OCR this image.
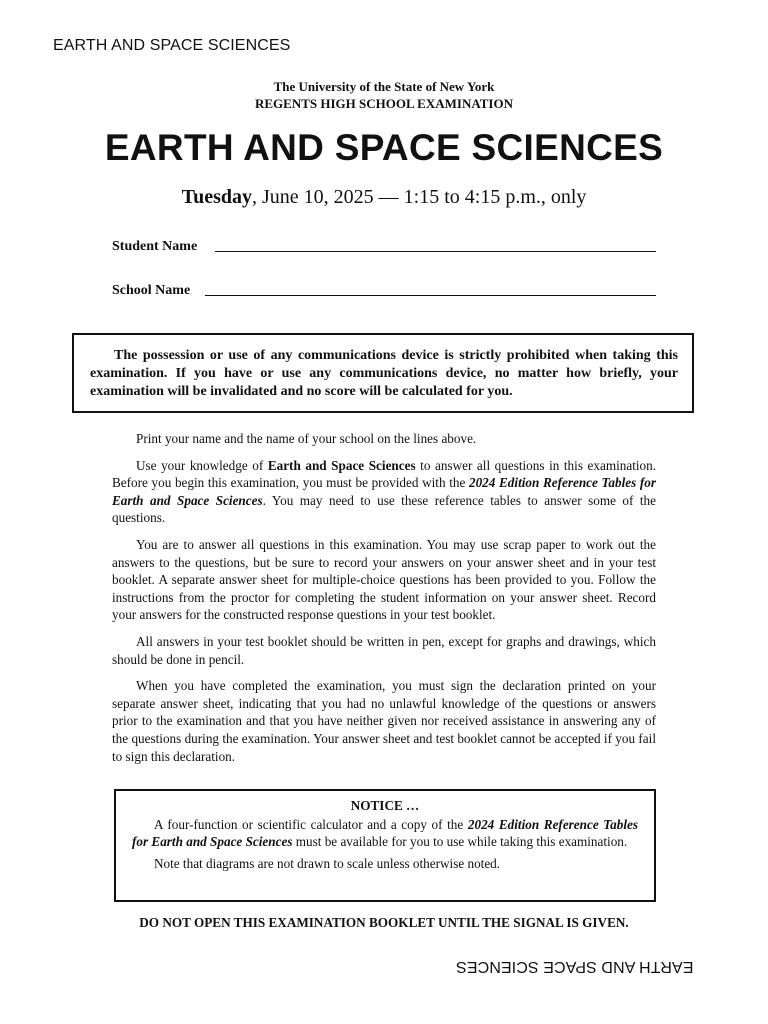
EARTH AND SPACE SCIENCES
The University of the State of New York
REGENTS HIGH SCHOOL EXAMINATION
EARTH AND SPACE SCIENCES
Tuesday, June 10, 2025 — 1:15 to 4:15 p.m., only
Student Name
School Name
The possession or use of any communications device is strictly prohibited when taking this examination. If you have or use any communications device, no matter how briefly, your examination will be invalidated and no score will be calculated for you.

Print your name and the name of your school on the lines above.

Use your knowledge of Earth and Space Sciences to answer all questions in this examination. Before you begin this examination, you must be provided with the 2024 Edition Reference Tables for Earth and Space Sciences. You may need to use these reference tables to answer some of the questions.

You are to answer all questions in this examination. You may use scrap paper to work out the answers to the questions, but be sure to record your answers on your answer sheet and in your test booklet. A separate answer sheet for multiple-choice questions has been provided to you. Follow the instructions from the proctor for completing the student information on your answer sheet. Record your answers for the constructed response questions in your test booklet.

All answers in your test booklet should be written in pen, except for graphs and drawings, which should be done in pencil.

When you have completed the examination, you must sign the declaration printed on your separate answer sheet, indicating that you had no unlawful knowledge of the questions or answers prior to the examination and that you have neither given nor received assistance in answering any of the questions during the examination. Your answer sheet and test booklet cannot be accepted if you fail to sign this declaration.

NOTICE …

A four-function or scientific calculator and a copy of the 2024 Edition Reference Tables for Earth and Space Sciences must be available for you to use while taking this examination.

Note that diagrams are not drawn to scale unless otherwise noted.

DO NOT OPEN THIS EXAMINATION BOOKLET UNTIL THE SIGNAL IS GIVEN.
EARTH AND SPACE SCIENCES
